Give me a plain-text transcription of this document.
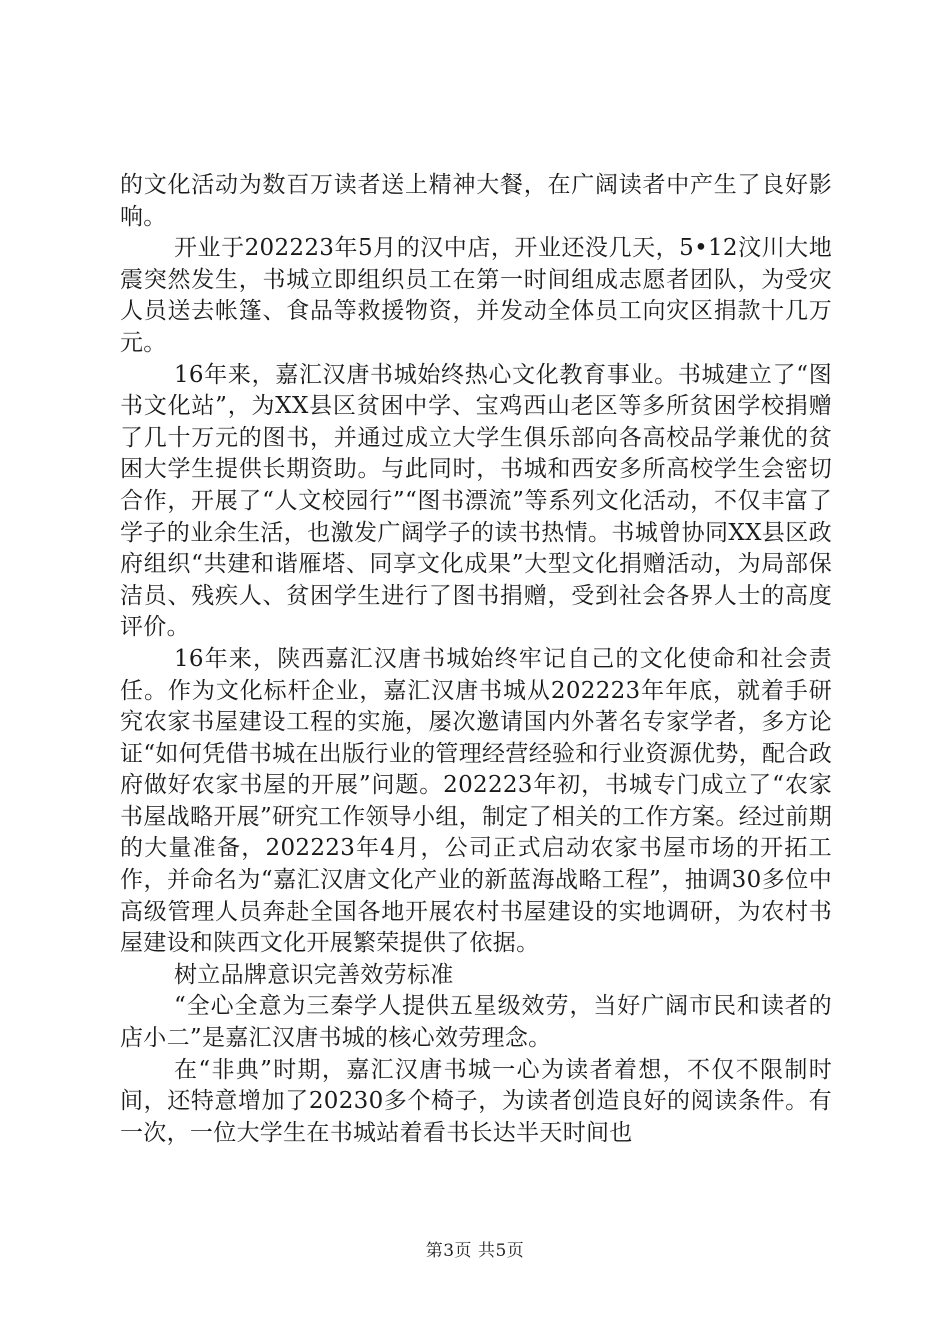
的文化活动为数百万读者送上精神大餐，在广阔读者中产生了良好影响。

开业于202223年5月的汉中店，开业还没几天，5•12汶川大地震突然发生，书城立即组织员工在第一时间组成志愿者团队，为受灾人员送去帐篷、食品等救援物资，并发动全体员工向灾区捐款十几万元。

16年来，嘉汇汉唐书城始终热心文化教育事业。书城建立了“图书文化站”，为XX县区贫困中学、宝鸡西山老区等多所贫困学校捐赠了几十万元的图书，并通过成立大学生俱乐部向各高校品学兼优的贫困大学生提供长期资助。与此同时，书城和西安多所高校学生会密切合作，开展了“人文校园行”“图书漂流”等系列文化活动，不仅丰富了学子的业余生活，也激发广阔学子的读书热情。书城曾协同XX县区政府组织“共建和谐雁塔、同享文化成果”大型文化捐赠活动，为局部保洁员、残疾人、贫困学生进行了图书捐赠，受到社会各界人士的高度评价。

16年来，陕西嘉汇汉唐书城始终牢记自己的文化使命和社会责任。作为文化标杆企业，嘉汇汉唐书城从202223年年底，就着手研究农家书屋建设工程的实施，屡次邀请国内外著名专家学者，多方论证“如何凭借书城在出版行业的管理经营经验和行业资源优势，配合政府做好农家书屋的开展”问题。202223年初，书城专门成立了“农家书屋战略开展”研究工作领导小组，制定了相关的工作方案。经过前期的大量准备，202223年4月，公司正式启动农家书屋市场的开拓工作，并命名为“嘉汇汉唐文化产业的新蓝海战略工程”，抽调30多位中高级管理人员奔赴全国各地开展农村书屋建设的实地调研，为农村书屋建设和陕西文化开展繁荣提供了依据。

树立品牌意识完善效劳标准

“全心全意为三秦学人提供五星级效劳，当好广阔市民和读者的店小二”是嘉汇汉唐书城的核心效劳理念。

在“非典”时期，嘉汇汉唐书城一心为读者着想，不仅不限制时间，还特意增加了20230多个椅子，为读者创造良好的阅读条件。有一次，一位大学生在书城站着看书长达半天时间也

第3页 共5页
